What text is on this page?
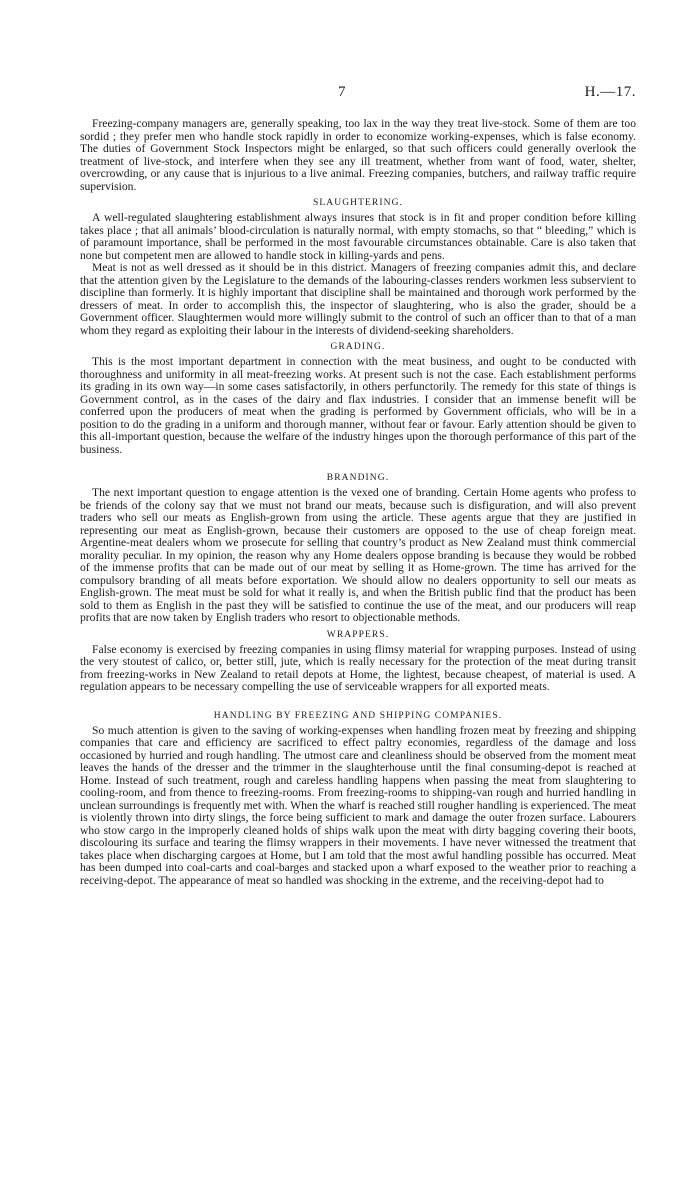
7	H.—17.

Freezing-company managers are, generally speaking, too lax in the way they treat live-stock. Some of them are too sordid ; they prefer men who handle stock rapidly in order to economize working-expenses, which is false economy. The duties of Government Stock Inspectors might be enlarged, so that such officers could generally overlook the treatment of live-stock, and interfere when they see any ill treatment, whether from want of food, water, shelter, overcrowding, or any cause that is injurious to a live animal. Freezing companies, butchers, and railway traffic require supervision.

SLAUGHTERING.

A well-regulated slaughtering establishment always insures that stock is in fit and proper condition before killing takes place ; that all animals’ blood-circulation is naturally normal, with empty stomachs, so that “ bleeding,” which is of paramount importance, shall be performed in the most favourable circumstances obtainable. Care is also taken that none but competent men are allowed to handle stock in killing-yards and pens.

Meat is not as well dressed as it should be in this district. Managers of freezing companies admit this, and declare that the attention given by the Legislature to the demands of the labouring-classes renders workmen less subservient to discipline than formerly. It is highly important that discipline shall be maintained and thorough work performed by the dressers of meat. In order to accomplish this, the inspector of slaughtering, who is also the grader, should be a Government officer. Slaughtermen would more willingly submit to the control of such an officer than to that of a man whom they regard as exploiting their labour in the interests of dividend-seeking shareholders.

GRADING.

This is the most important department in connection with the meat business, and ought to be conducted with thoroughness and uniformity in all meat-freezing works. At present such is not the case. Each establishment performs its grading in its own way—in some cases satisfactorily, in others perfunctorily. The remedy for this state of things is Government control, as in the cases of the dairy and flax industries. I consider that an immense benefit will be conferred upon the producers of meat when the grading is performed by Government officials, who will be in a position to do the grading in a uniform and thorough manner, without fear or favour. Early attention should be given to this all-important question, because the welfare of the industry hinges upon the thorough performance of this part of the business.

BRANDING.

The next important question to engage attention is the vexed one of branding. Certain Home agents who profess to be friends of the colony say that we must not brand our meats, because such is disfiguration, and will also prevent traders who sell our meats as English-grown from using the article. These agents argue that they are justified in representing our meat as English-grown, because their customers are opposed to the use of cheap foreign meat. Argentine-meat dealers whom we prosecute for selling that country’s product as New Zealand must think commercial morality peculiar. In my opinion, the reason why any Home dealers oppose branding is because they would be robbed of the immense profits that can be made out of our meat by selling it as Home-grown. The time has arrived for the compulsory branding of all meats before exportation. We should allow no dealers opportunity to sell our meats as English-grown. The meat must be sold for what it really is, and when the British public find that the product has been sold to them as English in the past they will be satisfied to continue the use of the meat, and our producers will reap profits that are now taken by English traders who resort to objectionable methods.

WRAPPERS.

False economy is exercised by freezing companies in using flimsy material for wrapping purposes. Instead of using the very stoutest of calico, or, better still, jute, which is really necessary for the protection of the meat during transit from freezing-works in New Zealand to retail depots at Home, the lightest, because cheapest, of material is used. A regulation appears to be necessary compelling the use of serviceable wrappers for all exported meats.

HANDLING BY FREEZING AND SHIPPING COMPANIES.

So much attention is given to the saving of working-expenses when handling frozen meat by freezing and shipping companies that care and efficiency are sacrificed to effect paltry economies, regardless of the damage and loss occasioned by hurried and rough handling. The utmost care and cleanliness should be observed from the moment meat leaves the hands of the dresser and the trimmer in the slaughterhouse until the final consuming-depot is reached at Home. Instead of such treatment, rough and careless handling happens when passing the meat from slaughtering to cooling-room, and from thence to freezing-rooms. From freezing-rooms to shipping-van rough and hurried handling in unclean surroundings is frequently met with. When the wharf is reached still rougher handling is experienced. The meat is violently thrown into dirty slings, the force being sufficient to mark and damage the outer frozen surface. Labourers who stow cargo in the improperly cleaned holds of ships walk upon the meat with dirty bagging covering their boots, discolouring its surface and tearing the flimsy wrappers in their movements. I have never witnessed the treatment that takes place when discharging cargoes at Home, but I am told that the most awful handling possible has occurred. Meat has been dumped into coal-carts and coal-barges and stacked upon a wharf exposed to the weather prior to reaching a receiving-depot. The appearance of meat so handled was shocking in the extreme, and the receiving-depot had to
